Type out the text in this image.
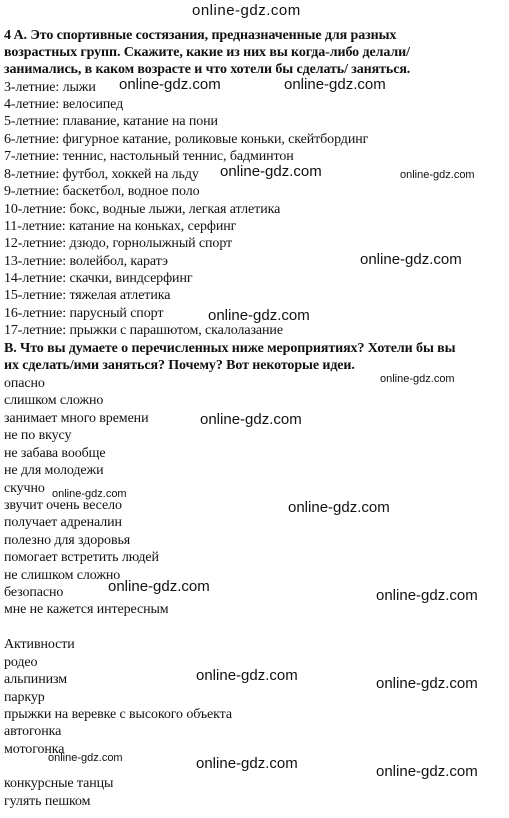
online-gdz.com
4 A. Это спортивные состязания, предназначенные для разных
возрастных групп. Скажите, какие из них вы когда-либо делали/
занимались, в каком возрасте и что хотели бы сделать/ заняться.
3-летние: лыжи
4-летние: велосипед
5-летние: плавание, катание на пони
6-летние: фигурное катание, роликовые коньки, скейтбординг
7-летние: теннис, настольный теннис, бадминтон
8-летние: футбол, хоккей на льду
9-летние: баскетбол, водное поло
10-летние: бокс, водные лыжи, легкая атлетика
11-летние: катание на коньках, серфинг
12-летние: дзюдо, горнолыжный спорт
13-летние: волейбол, каратэ
14-летние: скачки, виндсерфинг
15-летние: тяжелая атлетика
16-летние: парусный спорт
17-летние: прыжки с парашютом, скалолазание
B. Что вы думаете о перечисленных ниже мероприятиях? Хотели бы вы
их сделать/ими заняться? Почему? Вот некоторые идеи.
опасно
слишком сложно
занимает много времени
не по вкусу
не забава вообще
не для молодежи
скучно
звучит очень весело
получает адреналин
полезно для здоровья
помогает встретить людей
не слишком сложно
безопасно
мне не кажется интересным
Активности
родео
альпинизм
паркур
прыжки на веревке с высокого объекта
автогонка
мотогонка
конкурсные танцы
гулять пешком
online-gdz.com	online-gdz.com
online-gdz.com	online-gdz.com
online-gdz.com
online-gdz.com
online-gdz.com
online-gdz.com
online-gdz.com
online-gdz.com
online-gdz.com
online-gdz.com
online-gdz.com	online-gdz.com
online-gdz.com	online-gdz.com	online-gdz.com
